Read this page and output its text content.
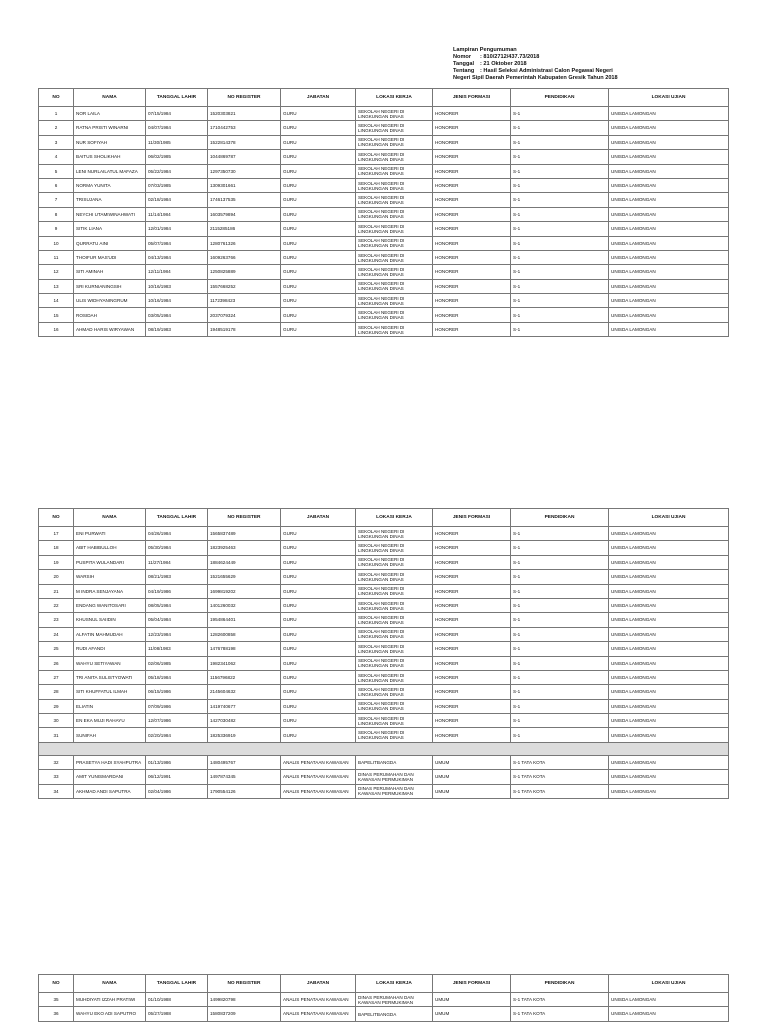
Lampiran Pengumuman
Nomor : 810/2712/437.73/2018
Tanggal : 21 Oktober 2018
Tentang : Hasil Seleksi Administrasi Calon Pegawai Negeri
Negeri Sipil Daerah Pemerintah Kabupaten Gresik Tahun 2018
NO	NAMA	TANGGAL LAHIR	NO REGISTER	JABATAN	LOKASI KERJA	JENIS FORMASI	PENDIDIKAN	LOKASI UJIAN
1	NOR LAILA	07/15/1984	1520303821	GURU	SEKOLAH NEGERI DI LINGKUNGAN DINAS	HONORER	S-1	UNISDA LAMONGAN
2	RATNA PRISTI WINARNI	04/07/1984	1710442753	GURU	SEKOLAH NEGERI DI LINGKUNGAN DINAS	HONORER	S-1	UNISDA LAMONGAN
3	NUR SOFIYAH	11/30/1985	1522814378	GURU	SEKOLAH NEGERI DI LINGKUNGAN DINAS	HONORER	S-1	UNISDA LAMONGAN
4	BAITUS SHOLIKHAH	06/02/1985	1044869787	GURU	SEKOLAH NEGERI DI LINGKUNGAN DINAS	HONORER	S-1	UNISDA LAMONGAN
5	LENI NURLAILATUL MAFAZA	05/22/1984	1297350730	GURU	SEKOLAH NEGERI DI LINGKUNGAN DINAS	HONORER	S-1	UNISDA LAMONGAN
6	NORMA YUNITA	07/03/1985	1309301661	GURU	SEKOLAH NEGERI DI LINGKUNGAN DINAS	HONORER	S-1	UNISDA LAMONGAN
7	TRISUJANA	02/18/1984	1746137535	GURU	SEKOLAH NEGERI DI LINGKUNGAN DINAS	HONORER	S-1	UNISDA LAMONGAN
8	NEYCHI UTAMIWINAHWATI	11/14/1984	1603579894	GURU	SEKOLAH NEGERI DI LINGKUNGAN DINAS	HONORER	S-1	UNISDA LAMONGAN
9	SITIK LIANA	12/01/1984	2115285186	GURU	SEKOLAH NEGERI DI LINGKUNGAN DINAS	HONORER	S-1	UNISDA LAMONGAN
10	QURRATU AINI	05/07/1984	1280761326	GURU	SEKOLAH NEGERI DI LINGKUNGAN DINAS	HONORER	S-1	UNISDA LAMONGAN
11	THOIFUR MAS'UDI	04/13/1984	1609263766	GURU	SEKOLAH NEGERI DI LINGKUNGAN DINAS	HONORER	S-1	UNISDA LAMONGAN
12	SITI AMINAH	12/11/1984	1250825889	GURU	SEKOLAH NEGERI DI LINGKUNGAN DINAS	HONORER	S-1	UNISDA LAMONGAN
13	SRI KURNIANINGSIH	10/16/1983	1557668252	GURU	SEKOLAH NEGERI DI LINGKUNGAN DINAS	HONORER	S-1	UNISDA LAMONGAN
14	ULIS WIDHYANINGRUM	10/16/1984	1172398423	GURU	SEKOLAH NEGERI DI LINGKUNGAN DINAS	HONORER	S-1	UNISDA LAMONGAN
15	ROSIDAH	03/05/1984	2037079324	GURU	SEKOLAH NEGERI DI LINGKUNGAN DINAS	HONORER	S-1	UNISDA LAMONGAN
16	AHMAD HARIS WIRYAWAN	08/19/1983	1948519178	GURU	SEKOLAH NEGERI DI LINGKUNGAN DINAS	HONORER	S-1	UNISDA LAMONGAN
NO	NAMA	TANGGAL LAHIR	NO REGISTER	JABATAN	LOKASI KERJA	JENIS FORMASI	PENDIDIKAN	LOKASI UJIAN
17	ENI PURWATI	04/26/1984	1565837489	GURU	SEKOLAH NEGERI DI LINGKUNGAN DINAS	HONORER	S-1	UNISDA LAMONGAN
18	ABIT HABIBULLOH	05/30/1984	1823925463	GURU	SEKOLAH NEGERI DI LINGKUNGAN DINAS	HONORER	S-1	UNISDA LAMONGAN
19	PUSPITA WULANDARI	11/27/1984	1884624449	GURU	SEKOLAH NEGERI DI LINGKUNGAN DINAS	HONORER	S-1	UNISDA LAMONGAN
20	WARSIH	08/21/1983	1521655629	GURU	SEKOLAH NEGERI DI LINGKUNGAN DINAS	HONORER	S-1	UNISDA LAMONGAN
21	M INDRA SENJAYANA	04/19/1986	1699819202	GURU	SEKOLAH NEGERI DI LINGKUNGAN DINAS	HONORER	S-1	UNISDA LAMONGAN
22	ENDANG WANITOSARI	08/05/1984	1401260032	GURU	SEKOLAH NEGERI DI LINGKUNGAN DINAS	HONORER	S-1	UNISDA LAMONGAN
23	KHUSNUL SAIIDIN	05/04/1984	1954864401	GURU	SEKOLAH NEGERI DI LINGKUNGAN DINAS	HONORER	S-1	UNISDA LAMONGAN
24	ALFATIN MAHMUDAH	12/23/1984	1282600858	GURU	SEKOLAH NEGERI DI LINGKUNGAN DINAS	HONORER	S-1	UNISDA LAMONGAN
25	RUDI AFANDI	11/08/1983	1476788198	GURU	SEKOLAH NEGERI DI LINGKUNGAN DINAS	HONORER	S-1	UNISDA LAMONGAN
26	WAHYU SETIYAWAN	02/06/1985	1982341062	GURU	SEKOLAH NEGERI DI LINGKUNGAN DINAS	HONORER	S-1	UNISDA LAMONGAN
27	TRI ANITA SULISTYOWATI	05/18/1984	1156796822	GURU	SEKOLAH NEGERI DI LINGKUNGAN DINAS	HONORER	S-1	UNISDA LAMONGAN
28	SITI KHUFFATUL ILMAH	06/15/1986	2145604632	GURU	SEKOLAH NEGERI DI LINGKUNGAN DINAS	HONORER	S-1	UNISDA LAMONGAN
29	ELIATIN	07/09/1986	1419740677	GURU	SEKOLAH NEGERI DI LINGKUNGAN DINAS	HONORER	S-1	UNISDA LAMONGAN
30	EN EKA MUJI RAHAYU	12/07/1986	1427030482	GURU	SEKOLAH NEGERI DI LINGKUNGAN DINAS	HONORER	S-1	UNISDA LAMONGAN
31	SUNIFAH	02/20/1984	1825336919	GURU	SEKOLAH NEGERI DI LINGKUNGAN DINAS	HONORER	S-1	UNISDA LAMONGAN

32	PRASETYA HADI SYAHPUTRA	01/13/1986	1480495767	ANALIS PENATAAN KAWASAN	BAPELITBANGDA	UMUM	S-1 TATA KOTA	UNISDA LAMONGAN
33	AMIT YUNISMARDANI	06/12/1991	1497874345	ANALIS PENATAAN KAWASAN	DINAS PERUMAHAN DAN KAWASAN PERMUKIMAN	UMUM	S-1 TATA KOTA	UNISDA LAMONGAN
34	AKHMAD ANDI SAPUTRA	02/04/1986	1790554126	ANALIS PENATAAN KAWASAN	DINAS PERUMAHAN DAN KAWASAN PERMUKIMAN	UMUM	S-1 TATA KOTA	UNISDA LAMONGAN
NO	NAMA	TANGGAL LAHIR	NO REGISTER	JABATAN	LOKASI KERJA	JENIS FORMASI	PENDIDIKAN	LOKASI UJIAN
35	MUHDIYATI IZZAH PRATIWI	01/10/1988	1499820798	ANALIS PENATAAN KAWASAN	DINAS PERUMAHAN DAN KAWASAN PERMUKIMAN	UMUM	S-1 TATA KOTA	UNISDA LAMONGAN
36	WAHYU EKO ADI SAPUTRO	05/27/1988	1580837209	ANALIS PENATAAN KAWASAN	BAPELITBANGDA	UMUM	S-1 TATA KOTA	UNISDA LAMONGAN
